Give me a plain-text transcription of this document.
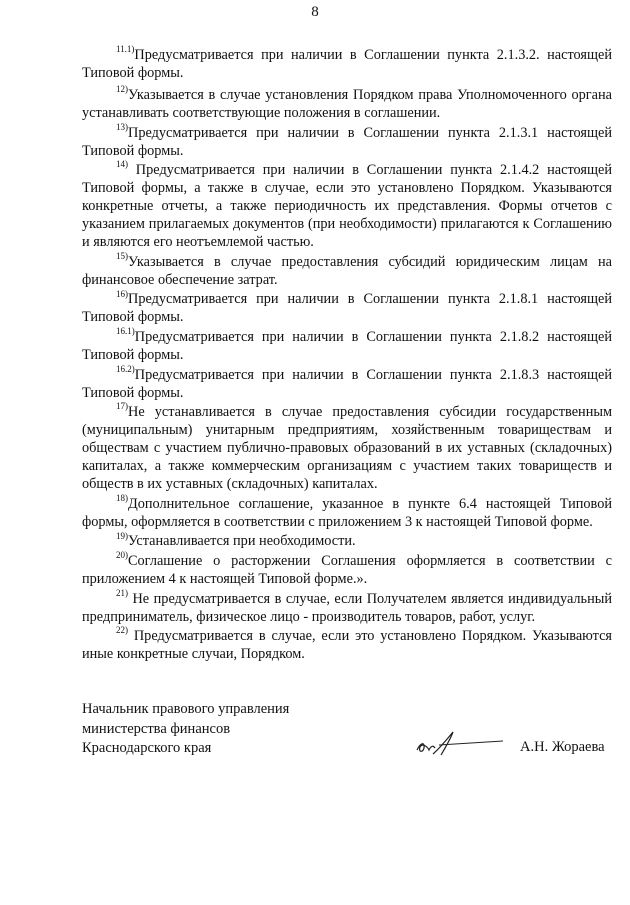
8

$^{11.1)}$Предусматривается при наличии в Соглашении пункта 2.1.3.2. настоящей Типовой формы.

$^{12)}$Указывается в случае установления Порядком права Уполномоченного органа устанавливать соответствующие положения в соглашении.

$^{13)}$Предусматривается при наличии в Соглашении пункта 2.1.3.1 настоящей Типовой формы.

$^{14)}$ Предусматривается при наличии в Соглашении пункта 2.1.4.2 настоящей Типовой формы, а также в случае, если это установлено Порядком. Указываются конкретные отчеты, а также периодичность их представления. Формы отчетов с указанием прилагаемых документов (при необходимости) прилагаются к Соглашению и являются его неотъемлемой частью.

$^{15)}$Указывается в случае предоставления субсидий юридическим лицам на финансовое обеспечение затрат.

$^{16)}$Предусматривается при наличии в Соглашении пункта 2.1.8.1 настоящей Типовой формы.

$^{16.1)}$Предусматривается при наличии в Соглашении пункта 2.1.8.2 настоящей Типовой формы.

$^{16.2)}$Предусматривается при наличии в Соглашении пункта 2.1.8.3 настоящей Типовой формы.

$^{17)}$Не устанавливается в случае предоставления субсидии государственным (муниципальным) унитарным предприятиям, хозяйственным товариществам и обществам с участием публично-правовых образований в их уставных (складочных) капиталах, а также коммерческим организациям с участием таких товариществ и обществ в их уставных (складочных) капиталах.

$^{18)}$Дополнительное соглашение, указанное в пункте 6.4 настоящей Типовой формы, оформляется в соответствии с приложением 3 к настоящей Типовой форме.

$^{19)}$Устанавливается при необходимости.

$^{20)}$Соглашение о расторжении Соглашения оформляется в соответствии с приложением 4 к настоящей Типовой форме.».

$^{21)}$ Не предусматривается в случае, если Получателем является индивидуальный предприниматель, физическое лицо - производитель товаров, работ, услуг.

$^{22)}$ Предусматривается в случае, если это установлено Порядком. Указываются иные конкретные случаи, Порядком.

Начальник правового управления
министерства финансов
Краснодарского края	А.Н. Жораева
